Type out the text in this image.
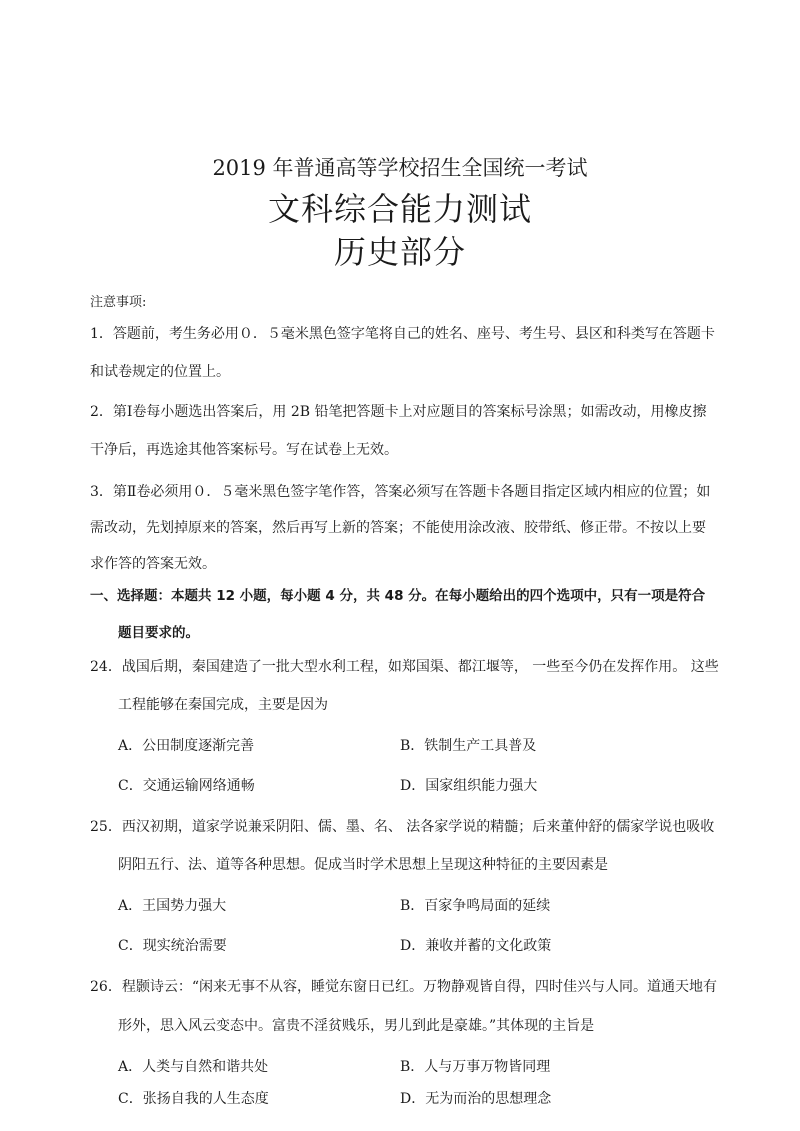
2019 年普通高等学校招生全国统一考试
文科综合能力测试
历史部分
注意事项:
1．答题前，考生务必用０．５毫米黑色签字笔将自己的姓名、座号、考生号、县区和科类写在答题卡
和试卷规定的位置上。
2．第Ⅰ卷每小题选出答案后，用 2B 铅笔把答题卡上对应题目的答案标号涂黑；如需改动，用橡皮擦
干净后，再选途其他答案标号。写在试卷上无效。
3．第Ⅱ卷必须用０．５毫米黑色签字笔作答，答案必须写在答题卡各题目指定区域内相应的位置；如
需改动，先划掉原来的答案，然后再写上新的答案；不能使用涂改液、胶带纸、修正带。不按以上要
求作答的答案无效。
一、选择题：本题共 12 小题，每小题 4 分，共 48 分。在每小题给出的四个选项中，只有一项是符合
题目要求的。
24．战国后期，秦国建造了一批大型水利工程，如郑国渠、都江堰等， 一些至今仍在发挥作用。 这些
工程能够在秦国完成，主要是因为
A．公田制度逐渐完善	B．铁制生产工具普及
C．交通运输网络通畅	D．国家组织能力强大
25．西汉初期，道家学说兼采阴阳、儒、墨、名、 法各家学说的精髓；后来董仲舒的儒家学说也吸收
阴阳五行、法、道等各种思想。促成当时学术思想上呈现这种特征的主要因素是
A．王国势力强大	B．百家争鸣局面的延续
C．现实统治需要	D．兼收并蓄的文化政策
26．程颢诗云：“闲来无事不从容，睡觉东窗日已红。万物静观皆自得，四时佳兴与人同。道通天地有
形外，思入风云变态中。富贵不淫贫贱乐，男儿到此是豪雄。”其体现的主旨是
A．人类与自然和谐共处	B．人与万事万物皆同理
C．张扬自我的人生态度	D．无为而治的思想理念
